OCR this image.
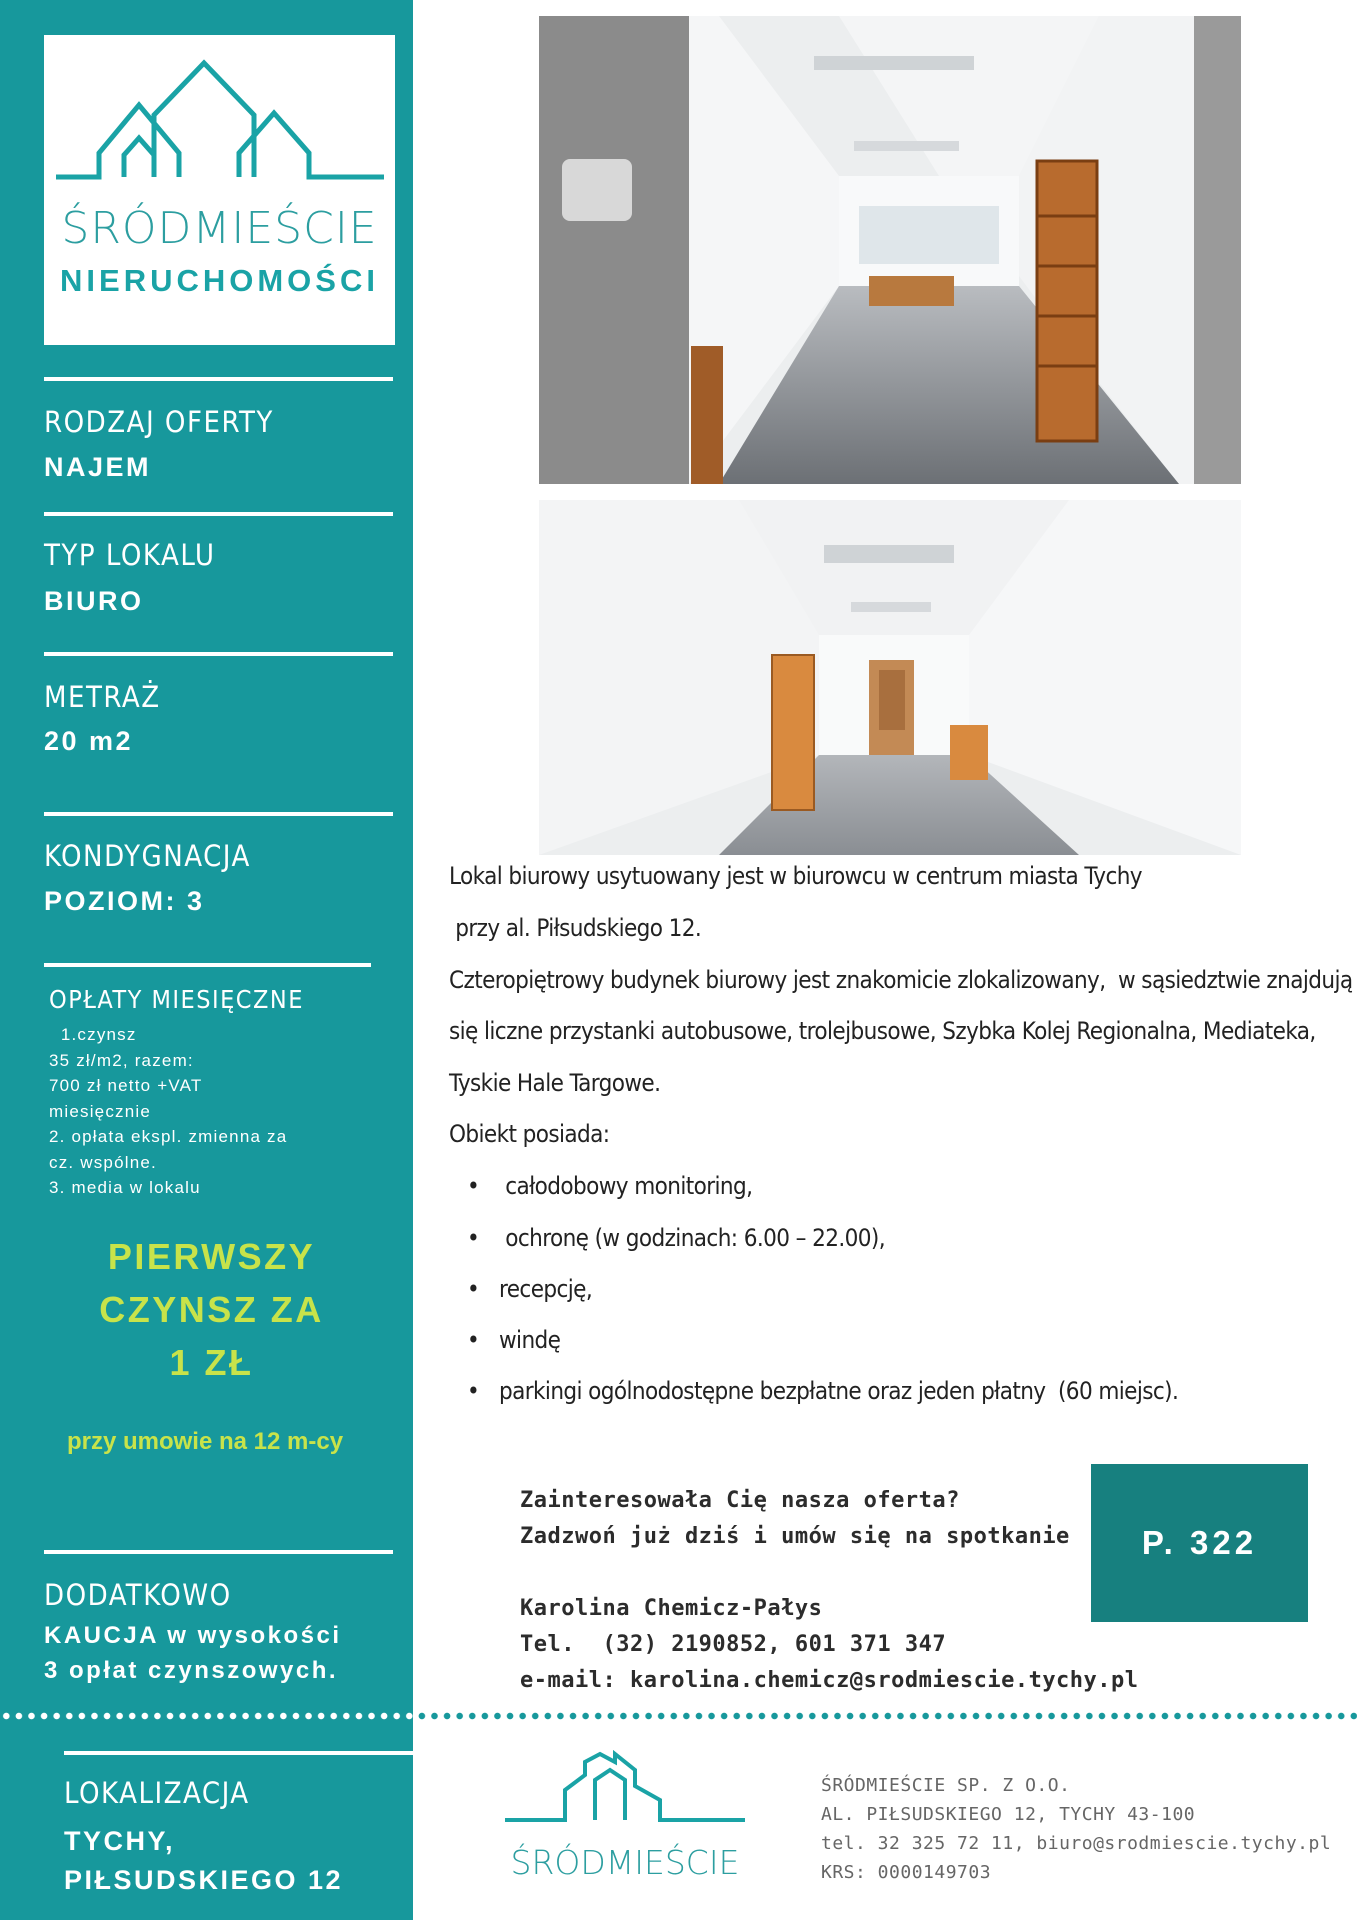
ŚRÓDMIEŚCIE
NIERUCHOMOŚCI
RODZAJ OFERTY
NAJEM
TYP LOKALU
BIURO
METRAŻ
20 m2
KONDYGNACJA
POZIOM: 3
OPŁATY MIESIĘCZNE
1.czynsz
35 zł/m2, razem:
700 zł netto +VAT
miesięcznie
2. opłata ekspl. zmienna za
cz. wspólne.
3. media w lokalu
PIERWSZY
CZYNSZ ZA
1 ZŁ
przy umowie na 12 m-cy
DODATKOWO
KAUCJA w wysokości
3 opłat czynszowych.
LOKALIZACJA
TYCHY,
PIŁSUDSKIEGO 12
Lokal biurowy usytuowany jest w biurowcu w centrum miasta Tychy
przy al. Piłsudskiego 12.
Czteropiętrowy budynek biurowy jest znakomicie zlokalizowany,  w sąsiedztwie znajdują
się liczne przystanki autobusowe, trolejbusowe, Szybka Kolej Regionalna, Mediateka,
Tyskie Hale Targowe.
Obiekt posiada:
• całodobowy monitoring,
• ochronę (w godzinach: 6.00 – 22.00),
• recepcję,
• windę
• parkingi ogólnodostępne bezpłatne oraz jeden płatny  (60 miejsc).
Zainteresowała Cię nasza oferta?
Zadzwoń już dziś i umów się na spotkanie
Karolina Chemicz-Pałys
Tel.  (32) 2190852, 601 371 347
e-mail: karolina.chemicz@srodmiescie.tychy.pl
P. 322
ŚRÓDMIEŚCIE
ŚRÓDMIEŚCIE SP. Z O.O.
AL. PIŁSUDSKIEGO 12, TYCHY 43-100
tel. 32 325 72 11, biuro@srodmiescie.tychy.pl
KRS: 0000149703
